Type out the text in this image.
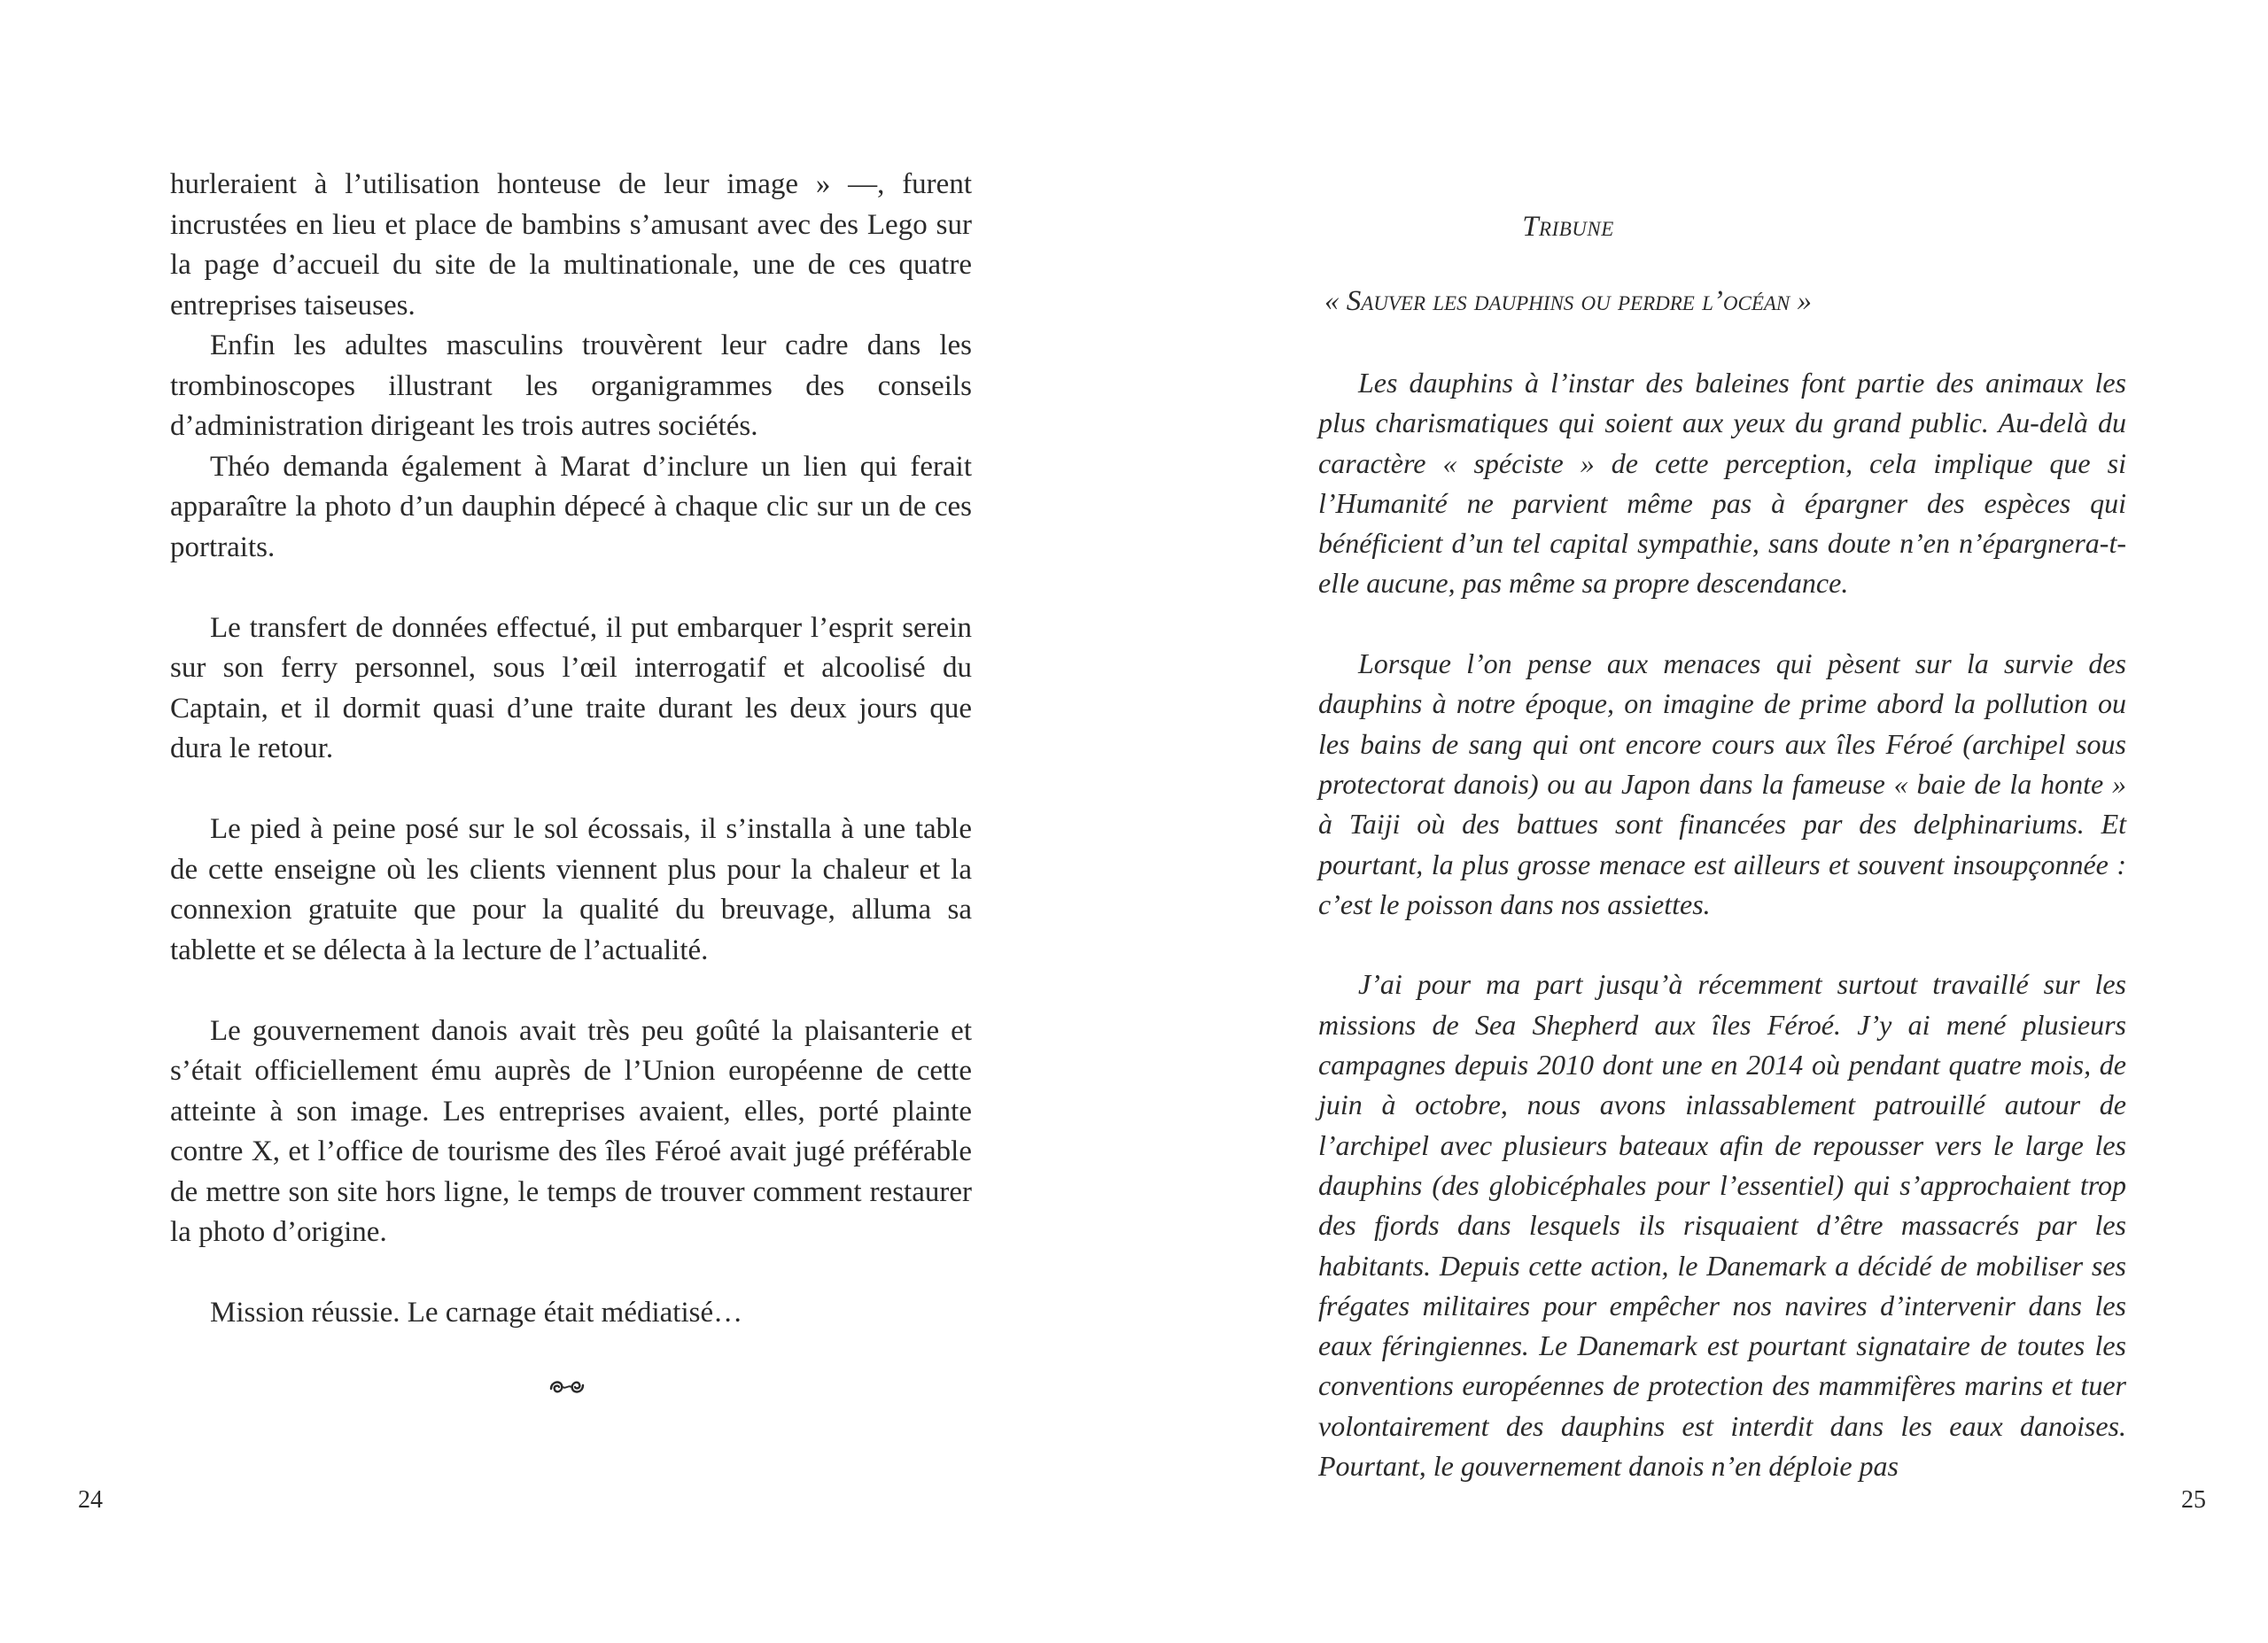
hurleraient à l’utilisation honteuse de leur image » —, furent incrustées en lieu et place de bambins s’amusant avec des Lego sur la page d’accueil du site de la multinationale, une de ces quatre entreprises taiseuses.

Enfin les adultes masculins trouvèrent leur cadre dans les trombinoscopes illustrant les organigrammes des conseils d’administration dirigeant les trois autres sociétés.

Théo demanda également à Marat d’inclure un lien qui ferait apparaître la photo d’un dauphin dépecé à chaque clic sur un de ces portraits.

Le transfert de données effectué, il put embarquer l’esprit serein sur son ferry personnel, sous l’œil interrogatif et alcoolisé du Captain, et il dormit quasi d’une traite durant les deux jours que dura le retour.

Le pied à peine posé sur le sol écossais, il s’installa à une table de cette enseigne où les clients viennent plus pour la chaleur et la connexion gratuite que pour la qualité du breuvage, alluma sa tablette et se délecta à la lecture de l’actualité.

Le gouvernement danois avait très peu goûté la plaisanterie et s’était officiellement ému auprès de l’Union européenne de cette atteinte à son image. Les entreprises avaient, elles, porté plainte contre X, et l’office de tourisme des îles Féroé avait jugé préférable de mettre son site hors ligne, le temps de trouver comment restaurer la photo d’origine.

Mission réussie. Le carnage était médiatisé…

24
Tribune
« Sauver les dauphins ou perdre l’océan »

Les dauphins à l’instar des baleines font partie des animaux les plus charismatiques qui soient aux yeux du grand public. Au-delà du caractère « spéciste » de cette perception, cela implique que si l’Humanité ne parvient même pas à épargner des espèces qui bénéficient d’un tel capital sympathie, sans doute n’en n’épargnera-t-elle aucune, pas même sa propre descendance.

Lorsque l’on pense aux menaces qui pèsent sur la survie des dauphins à notre époque, on imagine de prime abord la pollution ou les bains de sang qui ont encore cours aux îles Féroé (archipel sous protectorat danois) ou au Japon dans la fameuse « baie de la honte » à Taiji où des battues sont financées par des delphinariums. Et pourtant, la plus grosse menace est ailleurs et souvent insoupçonnée : c’est le poisson dans nos assiettes.

J’ai pour ma part jusqu’à récemment surtout travaillé sur les missions de Sea Shepherd aux îles Féroé. J’y ai mené plusieurs campagnes depuis 2010 dont une en 2014 où pendant quatre mois, de juin à octobre, nous avons inlassablement patrouillé autour de l’archipel avec plusieurs bateaux afin de repousser vers le large les dauphins (des globicéphales pour l’essentiel) qui s’approchaient trop des fjords dans lesquels ils risquaient d’être massacrés par les habitants. Depuis cette action, le Danemark a décidé de mobiliser ses frégates militaires pour empêcher nos navires d’intervenir dans les eaux féringiennes. Le Danemark est pourtant signataire de toutes les conventions européennes de protection des mammifères marins et tuer volontairement des dauphins est interdit dans les eaux danoises. Pourtant, le gouvernement danois n’en déploie pas

25
